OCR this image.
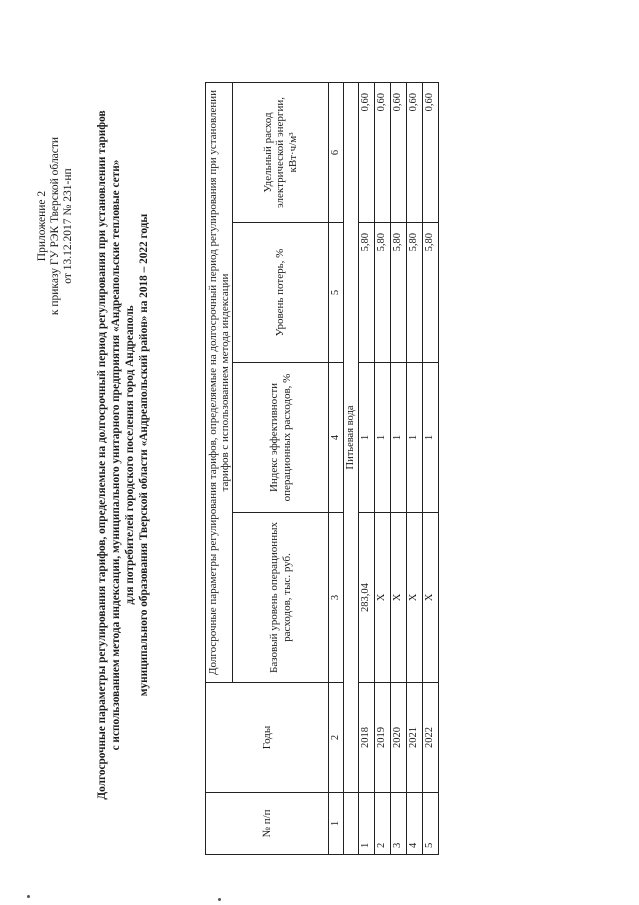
Приложение 2 к приказу ГУ РЭК Тверской области от 13.12.2017 № 231-нп Долгосрочные параметры регулирования тарифов, определяемые на долгосрочный период регулирования при установлении тарифов с использованием метода индексации, муниципального унитарного предприятия «Андреапольские тепловые сети» для потребителей городского поселения город Андреаполь муниципального образования Тверской области «Андреапольский район» на 2018 – 2022 годы
№ п/п	Годы	Долгосрочные параметры регулирования тарифов, определяемые на долгосрочный период регулирования при установлении тарифов с использованием метода индексации			
		Базовый уровень операционных расходов, тыс. руб.	Индекс эффективности операционных расходов, %	Уровень потерь, %	Удельный расход электрической энергии, кВт·ч/м³
1	2	3	4	5	6
	Питьевая вода				
1	2018	283,04	1	5,80	0,60
2	2019	Х	1	5,80	0,60
3	2020	Х	1	5,80	0,60
4	2021	Х	1	5,80	0,60
5	2022	Х	1	5,80	0,60
